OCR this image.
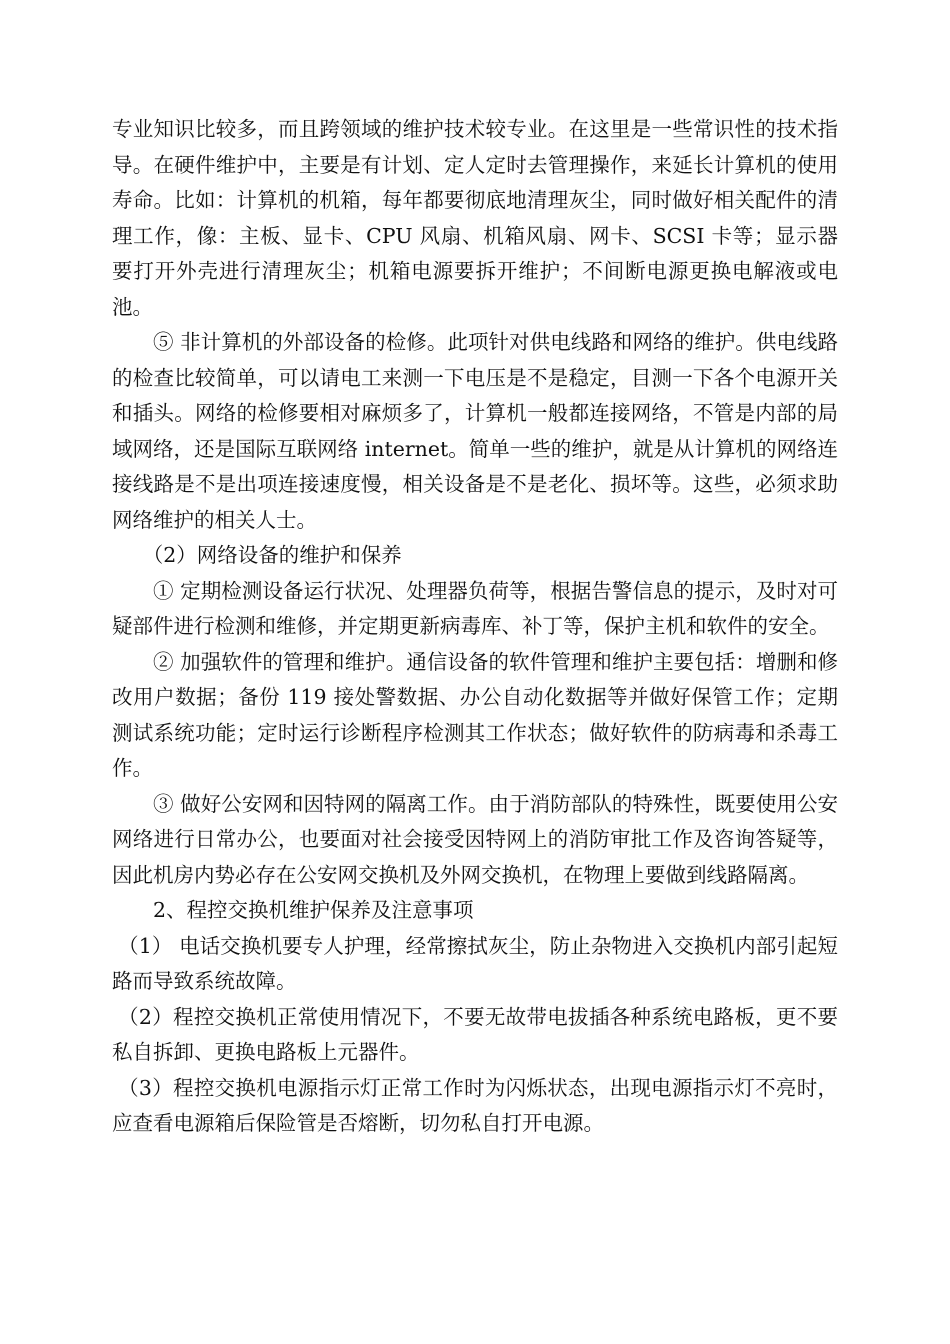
专业知识比较多，而且跨领域的维护技术较专业。在这里是一些常识性的技术指导。在硬件维护中，主要是有计划、定人定时去管理操作，来延长计算机的使用寿命。比如：计算机的机箱，每年都要彻底地清理灰尘，同时做好相关配件的清理工作，像：主板、显卡、CPU 风扇、机箱风扇、网卡、SCSI 卡等；显示器要打开外壳进行清理灰尘；机箱电源要拆开维护；不间断电源更换电解液或电池。

⑤ 非计算机的外部设备的检修。此项针对供电线路和网络的维护。供电线路的检查比较简单，可以请电工来测一下电压是不是稳定，目测一下各个电源开关和插头。网络的检修要相对麻烦多了，计算机一般都连接网络，不管是内部的局域网络，还是国际互联网络 internet。简单一些的维护，就是从计算机的网络连接线路是不是出项连接速度慢，相关设备是不是老化、损坏等。这些，必须求助网络维护的相关人士。

（2）网络设备的维护和保养

① 定期检测设备运行状况、处理器负荷等，根据告警信息的提示，及时对可疑部件进行检测和维修，并定期更新病毒库、补丁等，保护主机和软件的安全。

② 加强软件的管理和维护。通信设备的软件管理和维护主要包括：增删和修改用户数据；备份 119 接处警数据、办公自动化数据等并做好保管工作；定期测试系统功能；定时运行诊断程序检测其工作状态；做好软件的防病毒和杀毒工作。

③ 做好公安网和因特网的隔离工作。由于消防部队的特殊性，既要使用公安网络进行日常办公，也要面对社会接受因特网上的消防审批工作及咨询答疑等，因此机房内势必存在公安网交换机及外网交换机，在物理上要做到线路隔离。

2、程控交换机维护保养及注意事项

（1） 电话交换机要专人护理，经常擦拭灰尘，防止杂物进入交换机内部引起短路而导致系统故障。

（2）程控交换机正常使用情况下，不要无故带电拔插各种系统电路板，更不要私自拆卸、更换电路板上元器件。

（3）程控交换机电源指示灯正常工作时为闪烁状态，出现电源指示灯不亮时，应查看电源箱后保险管是否熔断，切勿私自打开电源。
